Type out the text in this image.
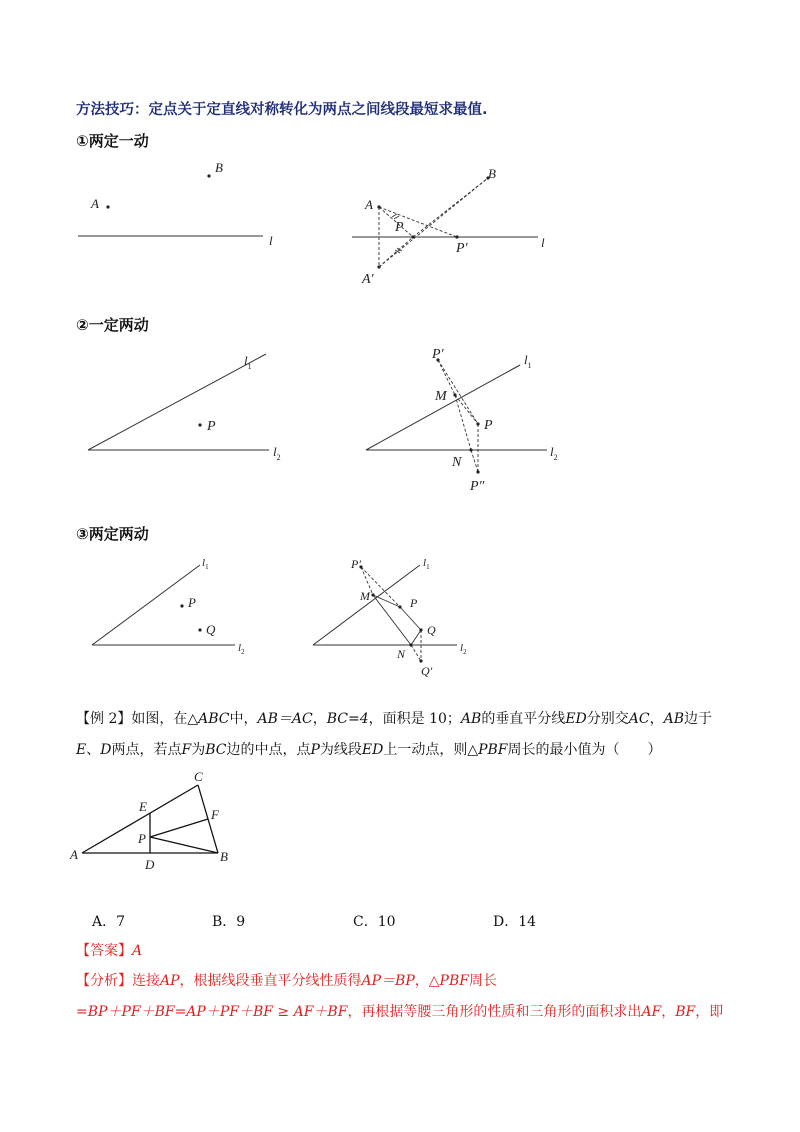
方法技巧：定点关于定直线对称转化为两点之间线段最短求最值.
①两定一动
B
A
l
A
B
P
P′
A′
l
②一定两动
P
$l_1$
$l_2$
P′
M
P
N
P″
$l_1$
$l_2$
③两定两动
P
Q
$l_1$
$l_2$
P′
M	P
Q
N
Q′
$l_1$
$l_2$
【例 2】如图，在△ABC中，AB＝AC，BC=4，面积是 10；AB的垂直平分线ED分别交AC，AB边于
E、D两点，若点F为BC边的中点，点P为线段ED上一动点，则△PBF周长的最小值为（　　）
A	B
C
D
E
F
P
A．7	B．9	C．10	D．14
【答案】A
【分析】连接AP，根据线段垂直平分线性质得AP＝BP，△PBF周长
=BP＋PF＋BF=AP＋PF＋BF ≥ AF＋BF，再根据等腰三角形的性质和三角形的面积求出AF，BF，即
